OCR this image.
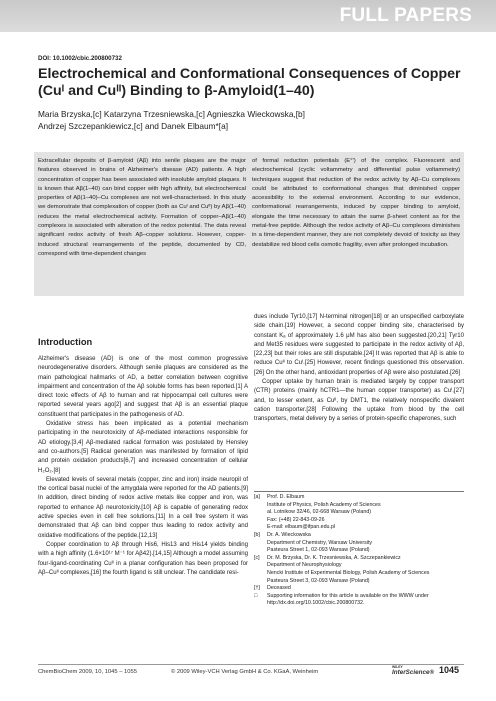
FULL PAPERS
DOI: 10.1002/cbic.200800732
Electrochemical and Conformational Consequences of Copper (Cuᴵ and Cuᴵᴵ) Binding to β-Amyloid(1–40)
Maria Brzyska,[c] Katarzyna Trzesniewska,[c] Agnieszka Wieckowska,[b]
Andrzej Szczepankiewicz,[c] and Danek Elbaum*[a]
Extracellular deposits of β-amyloid (Aβ) into senile plaques are the major features observed in brains of Alzheimer's disease (AD) patients. A high concentration of copper has been associated with insoluble amyloid plaques. It is known that Aβ(1–40) can bind copper with high affinity, but electrochemical properties of Aβ(1–40)–Cu complexes are not well-characterised. In this study we demonstrate that complexation of copper (both as Cuᴵ and Cuᴵᴵ) by Aβ(1–40) reduces the metal electrochemical activity. Formation of copper–Aβ(1–40) complexes is associated with alteration of the redox potential. The data reveal significant redox activity of fresh Aβ–copper solutions. However, copper-induced structural rearrangements of the peptide, documented by CD, correspond with time-dependent changes
of formal reduction potentials (E°') of the complex. Fluorescent and electrochemical (cyclic voltammetry and differential pulse voltammetry) techniques suggest that reduction of the redox activity by Aβ–Cu complexes could be attributed to conformational changes that diminished copper accessibility to the external environment. According to our evidence, conformational rearrangements, induced by copper binding to amyloid, elongate the time necessary to attain the same β-sheet content as for the metal-free peptide. Although the redox activity of Aβ–Cu complexes diminishes in a time-dependent manner, they are not completely devoid of toxicity as they destabilize red blood cells osmotic fragility, even after prolonged incubation.
Introduction

Alzheimer's disease (AD) is one of the most common progressive neurodegenerative disorders. Although senile plaques are considered as the main pathological hallmarks of AD, a better correlation between cognitive impairment and concentration of the Aβ soluble forms has been reported.[1] A direct toxic effects of Aβ to human and rat hippocampal cell cultures were reported several years ago[2] and suggest that Aβ is an essential plaque constituent that participates in the pathogenesis of AD.

Oxidative stress has been implicated as a potential mechanism participating in the neurotoxicity of Aβ-mediated interactions responsible for AD etiology.[3,4] Aβ-mediated radical formation was postulated by Hensley and co-authors.[5] Radical generation was manifested by formation of lipid and protein oxidation products[6,7] and increased concentration of cellular H₂O₂.[8]

Elevated levels of several metals (copper, zinc and iron) inside neuropil of the cortical basal nuclei of the amygdala were reported for the AD patients.[9] In addition, direct binding of redox active metals like copper and iron, was reported to enhance Aβ neurotoxicity.[10] Aβ is capable of generating redox active species even in cell free solutions.[11] In a cell free system it was demonstrated that Aβ can bind copper thus leading to redox activity and oxidative modifications of the peptide.[12,13]

Copper coordination to Aβ through His6, His13 and His14 yields binding with a high affinity (1.6×10¹⁷ M⁻¹ for Aβ42).[14,15] Although a model assuming four-ligand-coordinating Cuᴵᴵ in a planar configuration has been proposed for Aβ–Cuᴵᴵ complexes,[16] the fourth ligand is still unclear. The candidate resi-

dues include Tyr10,[17] N-terminal nitrogen[18] or an unspecified carboxylate side chain.[19] However, a second copper binding site, characterised by constant Kₐ of approximately 1.6 μM has also been suggested.[20,21] Tyr10 and Met35 residues were suggested to participate in the redox activity of Aβ,[22,23] but their roles are still disputable.[24] It was reported that Aβ is able to reduce Cuᴵᴵ to Cuᴵ.[25] However, recent findings questioned this observation.[26] On the other hand, antioxidant properties of Aβ were also postulated.[26]

Copper uptake by human brain is mediated largely by copper transport (CTR) proteins (mainly hCTR1—the human copper transporter) as Cuᴵ,[27] and, to lesser extent, as Cuᴵᴵ, by DMT1, the relatively nonspecific divalent cation transporter.[28] Following the uptake from blood by the cell transporters, metal delivery by a series of protein-specific chaperones, such

[a]	Prof. D. Elbaum
Institute of Physics, Polish Academy of Sciences
al. Lotnikow 32/46, 02-668 Warsaw (Poland)
Fax: (+48) 22-843-09-26
E-mail: elbaum@ifpan.edu.pl
[b]	Dr. A. Wieckowska
Department of Chemistry, Warsaw University
Pasteura Street 1, 02-093 Warsaw (Poland)
[c]	Dr. M. Brzyska, Dr. K. Trzesniewska, A. Szczepankiewicz
Department of Neurophysiology
Nencki Institute of Experimental Biology, Polish Academy of Sciences
Pasteura Street 3, 02-093 Warsaw (Poland)
[†]	Deceased
□	Supporting information for this article is available on the WWW under
http://dx.doi.org/10.1002/cbic.200800732.
ChemBioChem 2009, 10, 1045 – 1055	© 2009 Wiley-VCH Verlag GmbH & Co. KGaA, Weinheim
WILEY
InterScience® 1045
